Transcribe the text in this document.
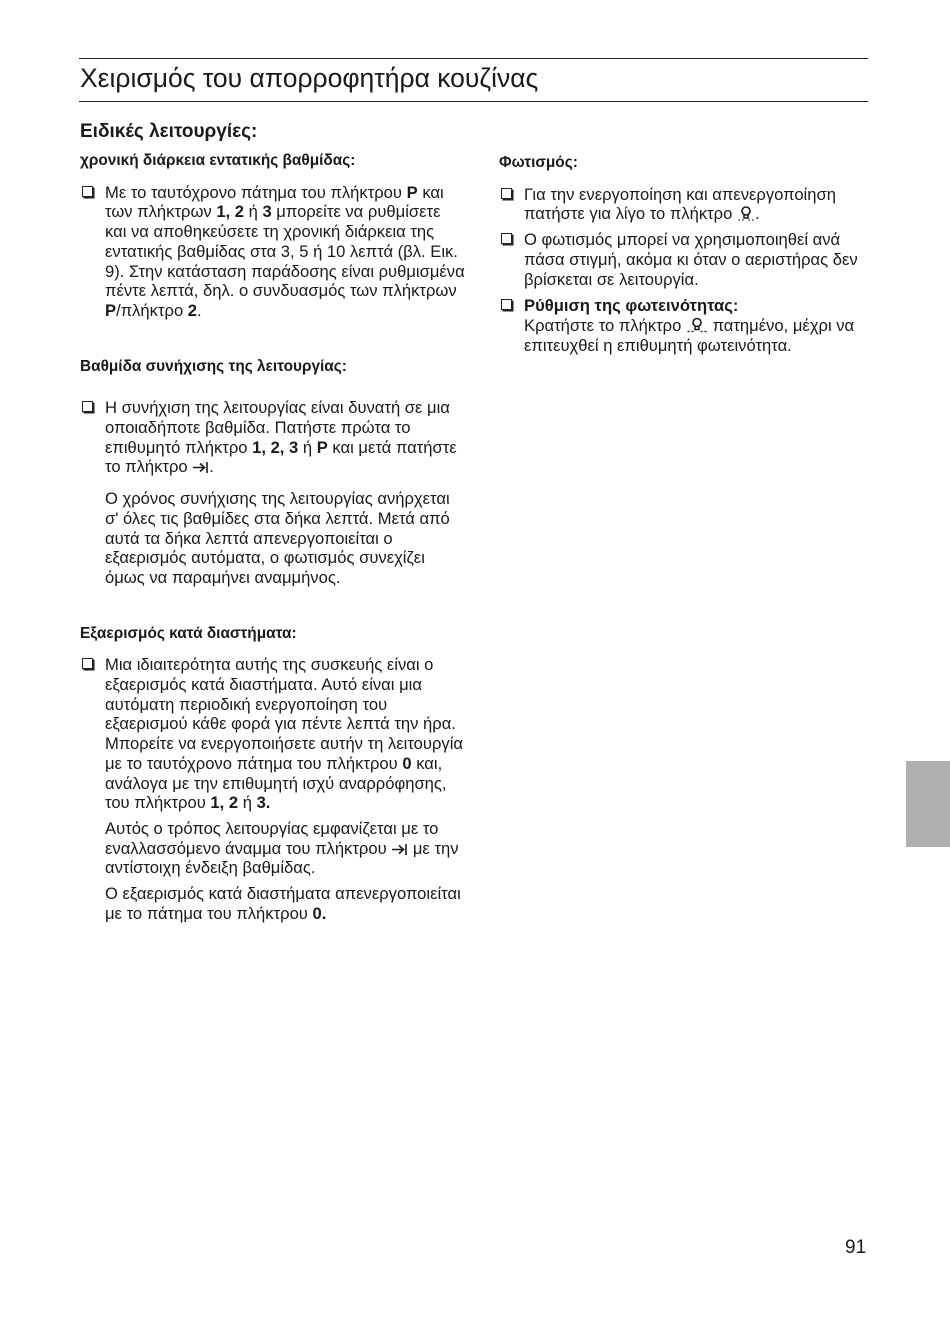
Χειρισμός του απορροφητήρα κουζίνας
Ειδικές λειτουργίες:
χρονική διάρκεια εντατικής βαθμίδας:

Με το ταυτόχρονο πάτημα του πλήκτρου P και των πλήκτρων 1, 2 ή 3 μπορείτε να ρυθμίσετε και να αποθηκεύσετε τη χρονική διάρκεια της εντατικής βαθμίδας στα 3, 5 ή 10 λεπτά (βλ. Εικ. 9). Στην κατάσταση παράδοσης είναι ρυθμισμένα πέντε λεπτά, δηλ. ο συνδυασμός των πλήκτρων P/πλήκτρο 2.

Βαθμίδα συνήχισης της λειτουργίας:

Η συνήχιση της λειτουργίας είναι δυνατή σε μια οποιαδήποτε βαθμίδα. Πατήστε πρώτα το επιθυμητό πλήκτρο 1, 2, 3 ή P και μετά πατήστε το πλήκτρο .

Ο χρόνος συνήχισης της λειτουργίας ανήρχεται σ' όλες τις βαθμίδες στα δήκα λεπτά. Μετά από αυτά τα δήκα λεπτά απενεργοποιείται ο εξαερισμός αυτόματα, ο φωτισμός συνεχίζει όμως να παραμήνει αναμμήνος.

Εξαερισμός κατά διαστήματα:

Μια ιδιαιτερότητα αυτής της συσκευής είναι ο εξαερισμός κατά διαστήματα. Αυτό είναι μια αυτόματη περιοδική ενεργοποίηση του εξαερισμού κάθε φορά για πέντε λεπτά την ήρα. Μπορείτε να ενεργοποιήσετε αυτήν τη λειτουργία με το ταυτόχρονο πάτημα του πλήκτρου 0 και, ανάλογα με την επιθυμητή ισχύ αναρρόφησης, του πλήκτρου 1, 2 ή 3.

Αυτός ο τρόπος λειτουργίας εμφανίζεται με το εναλλασσόμενο άναμμα του πλήκτρου  με την αντίστοιχη ένδειξη βαθμίδας.

Ο εξαερισμός κατά διαστήματα απενεργοποιείται με το πάτημα του πλήκτρου 0.

Φωτισμός:

Για την ενεργοποίηση και απενεργοποίηση πατήστε για λίγο το πλήκτρο .

Ο φωτισμός μπορεί να χρησιμοποιηθεί ανά πάσα στιγμή, ακόμα κι όταν ο αεριστήρας δεν βρίσκεται σε λειτουργία.

Ρύθμιση της φωτεινότητας:
Κρατήστε το πλήκτρο  πατημένο, μέχρι να επιτευχθεί η επιθυμητή φωτεινότητα.

91
